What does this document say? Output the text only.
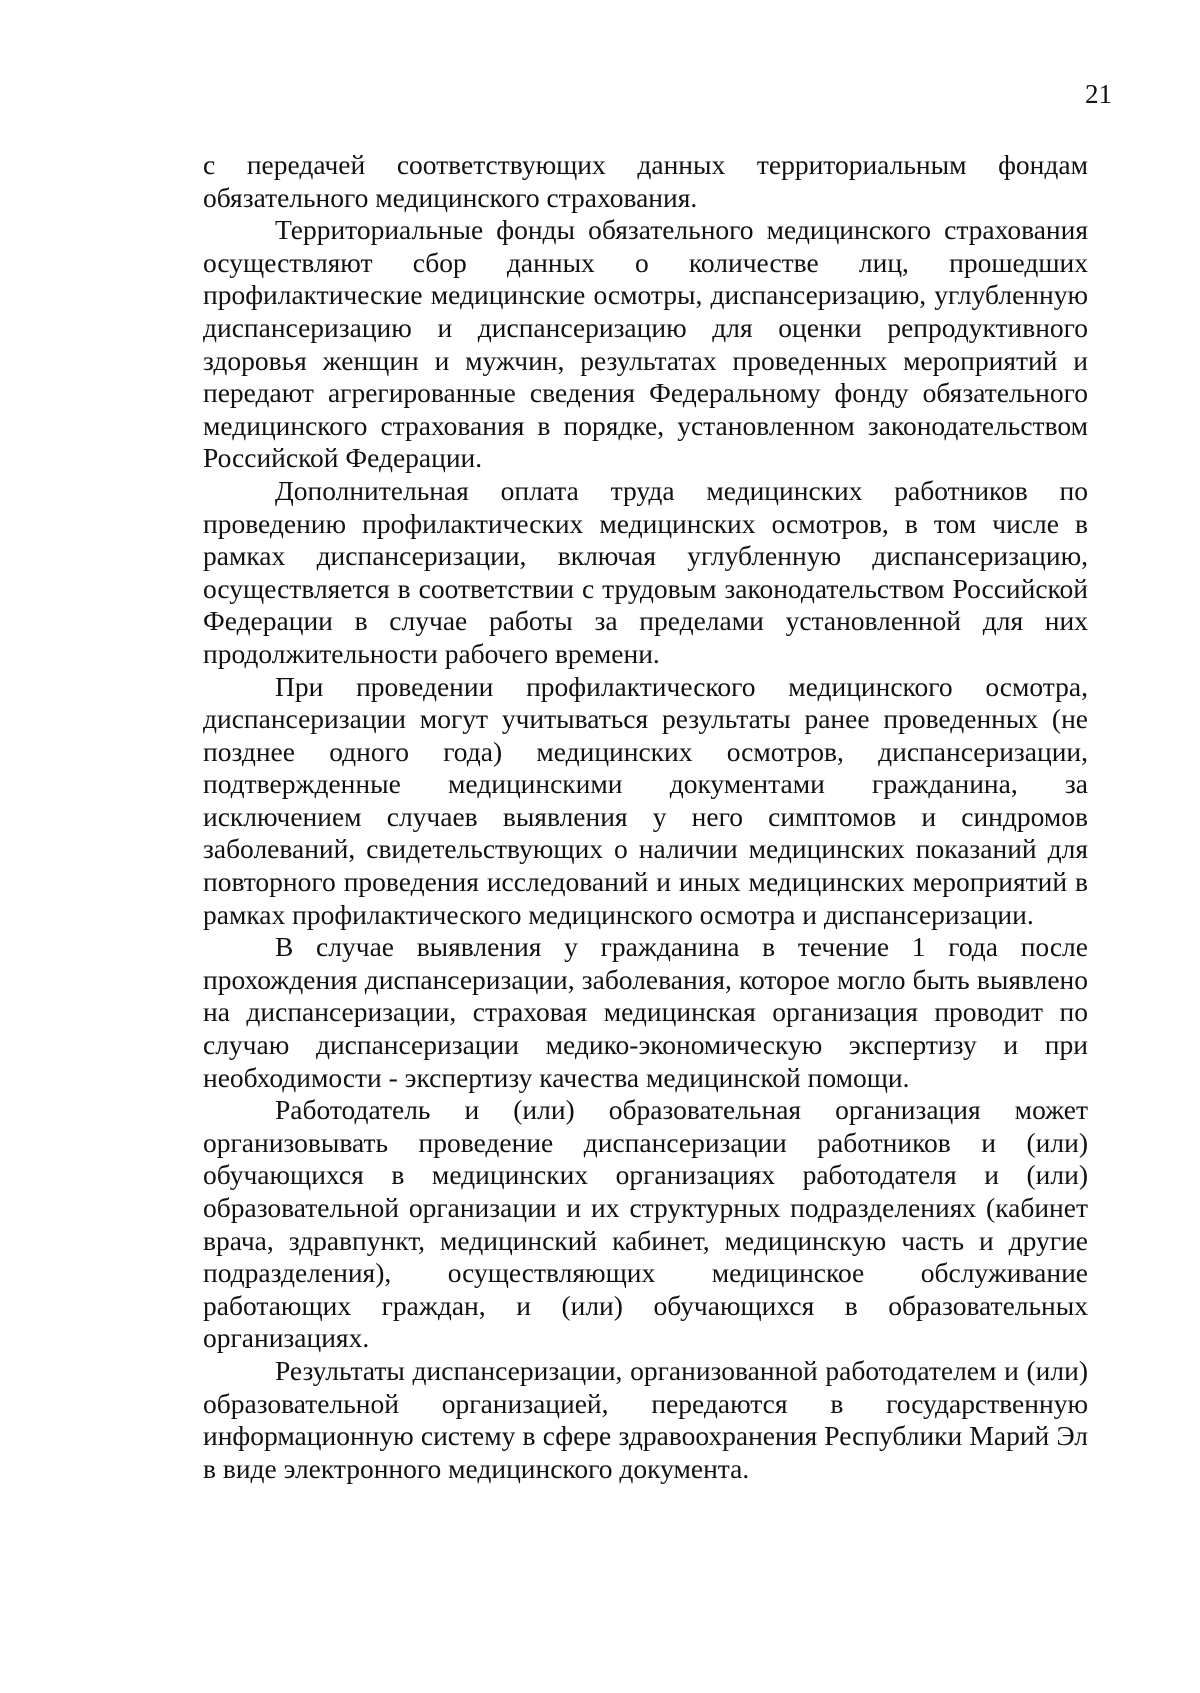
21

с передачей соответствующих данных территориальным фондам обязательного медицинского страхования.

Территориальные фонды обязательного медицинского страхования осуществляют сбор данных о количестве лиц, прошедших профилактические медицинские осмотры, диспансеризацию, углубленную диспансеризацию и диспансеризацию для оценки репродуктивного здоровья женщин и мужчин, результатах проведенных мероприятий и передают агрегированные сведения Федеральному фонду обязательного медицинского страхования в порядке, установленном законодательством Российской Федерации.

Дополнительная оплата труда медицинских работников по проведению профилактических медицинских осмотров, в том числе в рамках диспансеризации, включая углубленную диспансеризацию, осуществляется в соответствии с трудовым законодательством Российской Федерации в случае работы за пределами установленной для них продолжительности рабочего времени.

При проведении профилактического медицинского осмотра, диспансеризации могут учитываться результаты ранее проведенных (не позднее одного года) медицинских осмотров, диспансеризации, подтвержденные медицинскими документами гражданина, за исключением случаев выявления у него симптомов и синдромов заболеваний, свидетельствующих о наличии медицинских показаний для повторного проведения исследований и иных медицинских мероприятий в рамках профилактического медицинского осмотра и диспансеризации.

В случае выявления у гражданина в течение 1 года после прохождения диспансеризации, заболевания, которое могло быть выявлено на диспансеризации, страховая медицинская организация проводит по случаю диспансеризации медико-экономическую экспертизу и при необходимости - экспертизу качества медицинской помощи.

Работодатель и (или) образовательная организация может организовывать проведение диспансеризации работников и (или) обучающихся в медицинских организациях работодателя и (или) образовательной организации и их структурных подразделениях (кабинет врача, здравпункт, медицинский кабинет, медицинскую часть и другие подразделения), осуществляющих медицинское обслуживание работающих граждан, и (или) обучающихся в образовательных организациях.

Результаты диспансеризации, организованной работодателем и (или) образовательной организацией, передаются в государственную информационную систему в сфере здравоохранения Республики Марий Эл в виде электронного медицинского документа.
